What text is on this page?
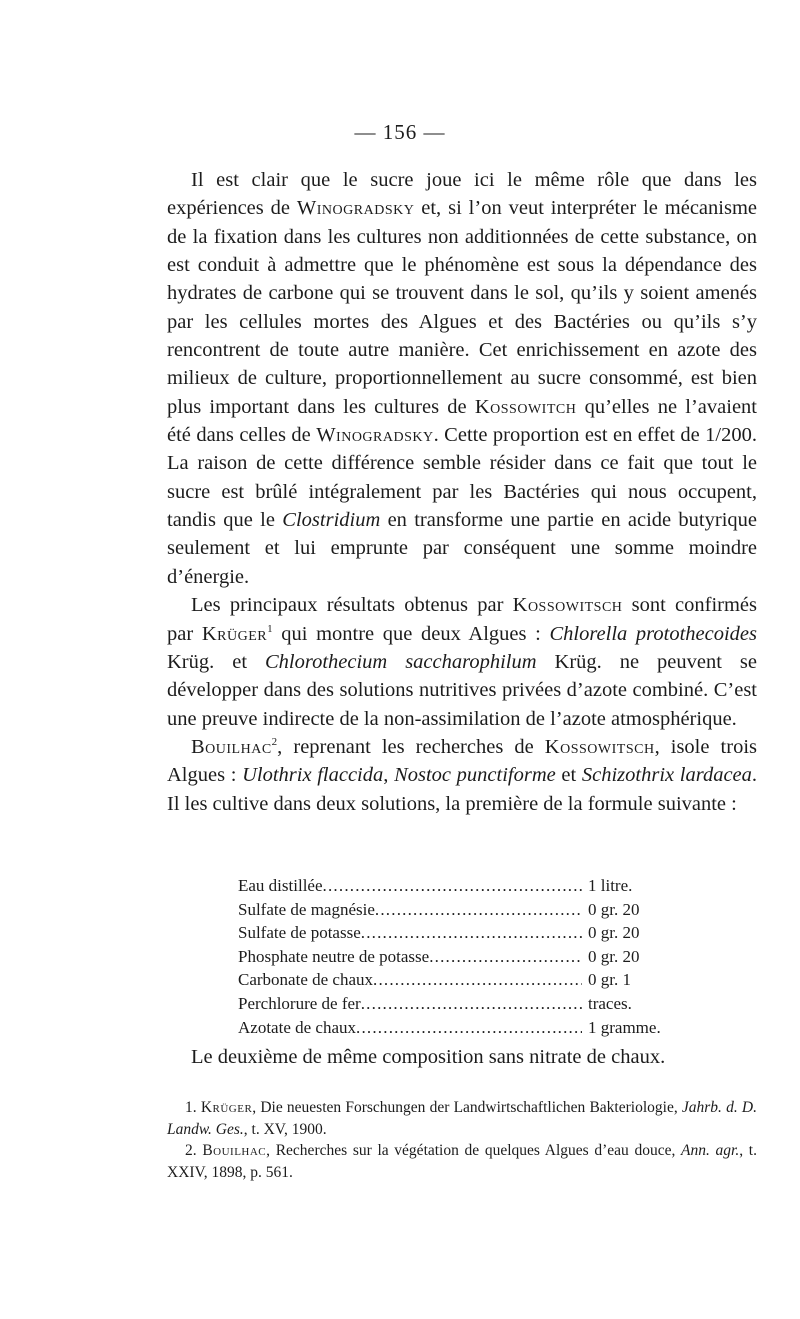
— 156 —

Il est clair que le sucre joue ici le même rôle que dans les expériences de Winogradsky et, si l’on veut interpréter le mécanisme de la fixation dans les cultures non additionnées de cette substance, on est conduit à admettre que le phénomène est sous la dépendance des hydrates de carbone qui se trouvent dans le sol, qu’ils y soient amenés par les cellules mortes des Algues et des Bactéries ou qu’ils s’y rencontrent de toute autre manière. Cet enrichissement en azote des milieux de culture, proportionnellement au sucre consommé, est bien plus important dans les cultures de Kossowitch qu’elles ne l’avaient été dans celles de Winogradsky. Cette proportion est en effet de 1/200. La raison de cette différence semble résider dans ce fait que tout le sucre est brûlé intégralement par les Bactéries qui nous occupent, tandis que le Clostridium en transforme une partie en acide butyrique seulement et lui emprunte par conséquent une somme moindre d’énergie.

Les principaux résultats obtenus par Kossowitsch sont confirmés par Krüger$^1$ qui montre que deux Algues : Chlorella protothecoides Krüg. et Chlorothecium saccharophilum Krüg. ne peuvent se développer dans des solutions nutritives privées d’azote combiné. C’est une preuve indirecte de la non-assimilation de l’azote atmosphérique.

Bouilhac$^2$, reprenant les recherches de Kossowitsch, isole trois Algues : Ulothrix flaccida, Nostoc punctiforme et Schizothrix lardacea. Il les cultive dans deux solutions, la première de la formule suivante :

Eau distillée .....	1 litre.
Sulfate de magnésie .....	0 gr. 20
Sulfate de potasse .....	0 gr. 20
Phosphate neutre de potasse .....	0 gr. 20
Carbonate de chaux .....	0 gr. 1
Perchlorure de fer .....	traces.
Azotate de chaux .....	1 gramme.
Le deuxième de même composition sans nitrate de chaux.

1. Krüger, Die neuesten Forschungen der Landwirtschaftlichen Bakteriologie, Jahrb. d. D. Landw. Ges., t. XV, 1900.

2. Bouilhac, Recherches sur la végétation de quelques Algues d’eau douce, Ann. agr., t. XXIV, 1898, p. 561.
